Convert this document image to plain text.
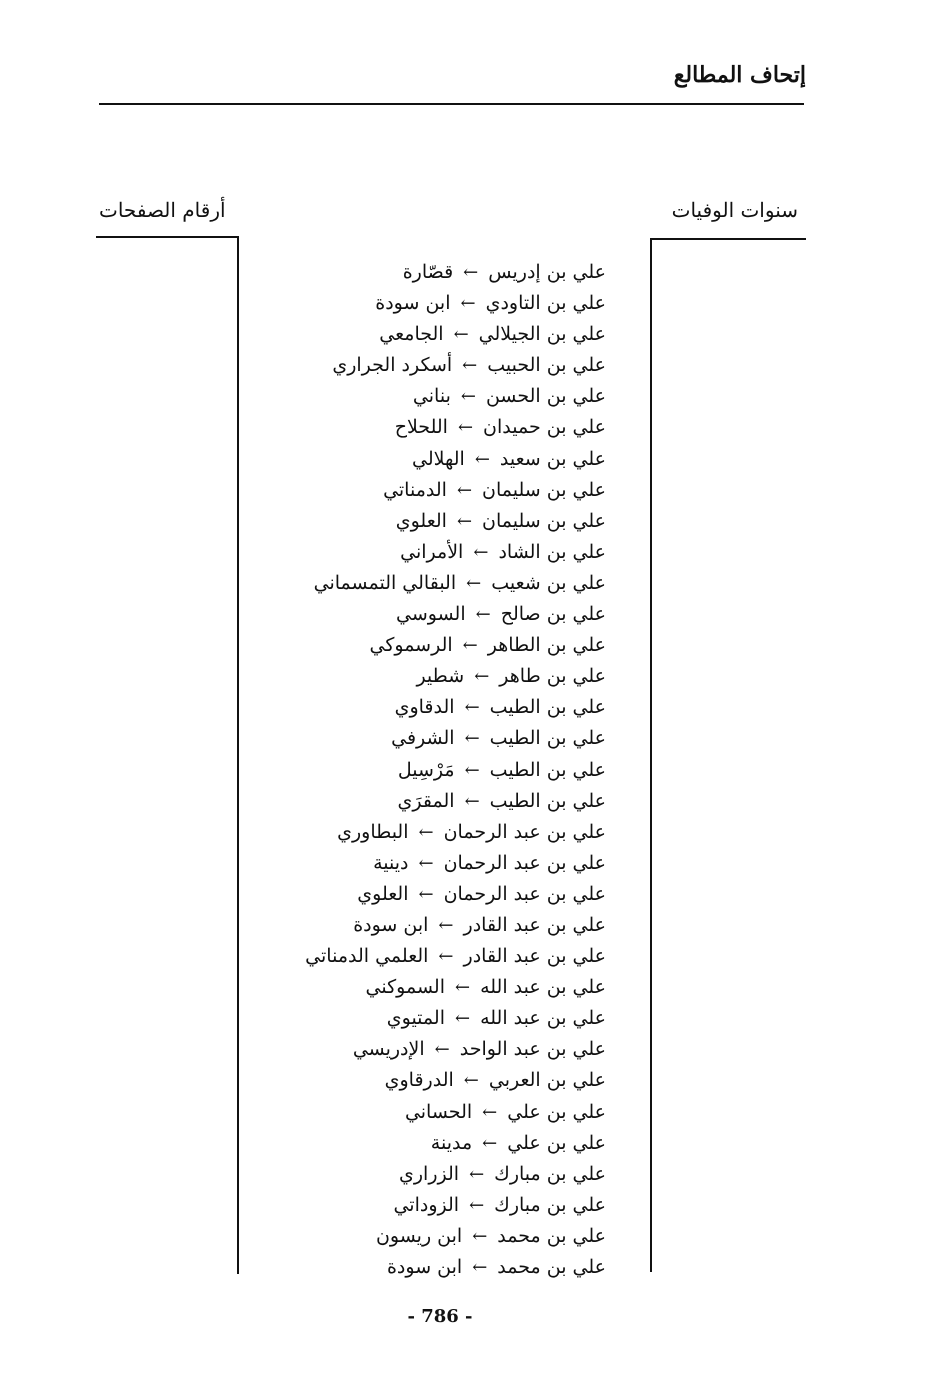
إتحاف المطالع
سنوات الوفيات
أرقام الصفحات
علي بن إدريس←قصّارة
علي بن التاودي←ابن سودة
علي بن الجيلالي←الجامعي
علي بن الحبيب←أسكرد الجراري
علي بن الحسن←بناني
علي بن حميدان←اللحلاح
علي بن سعيد←الهلالي
علي بن سليمان←الدمناتي
علي بن سليمان←العلوي
علي بن الشاد←الأمراني
علي بن شعيب←البقالي التمسماني
علي بن صالح←السوسي
علي بن الطاهر←الرسموكي
علي بن طاهر←شطير
علي بن الطيب←الدقاوي
علي بن الطيب←الشرفي
علي بن الطيب←مَرْسِيل
علي بن الطيب←المقرَي
علي بن عبد الرحمان←البطاوري
علي بن عبد الرحمان←دينية
علي بن عبد الرحمان←العلوي
علي بن عبد القادر←ابن سودة
علي بن عبد القادر←العلمي الدمناتي
علي بن عبد الله←السموكني
علي بن عبد الله←المتيوي
علي بن عبد الواحد←الإدريسي
علي بن العربي←الدرقاوي
علي بن علي←الحساني
علي بن علي←مدينة
علي بن مبارك←الزراري
علي بن مبارك←الزوداتي
علي بن محمد←ابن ريسون
علي بن محمد←ابن سودة
- 786 -
